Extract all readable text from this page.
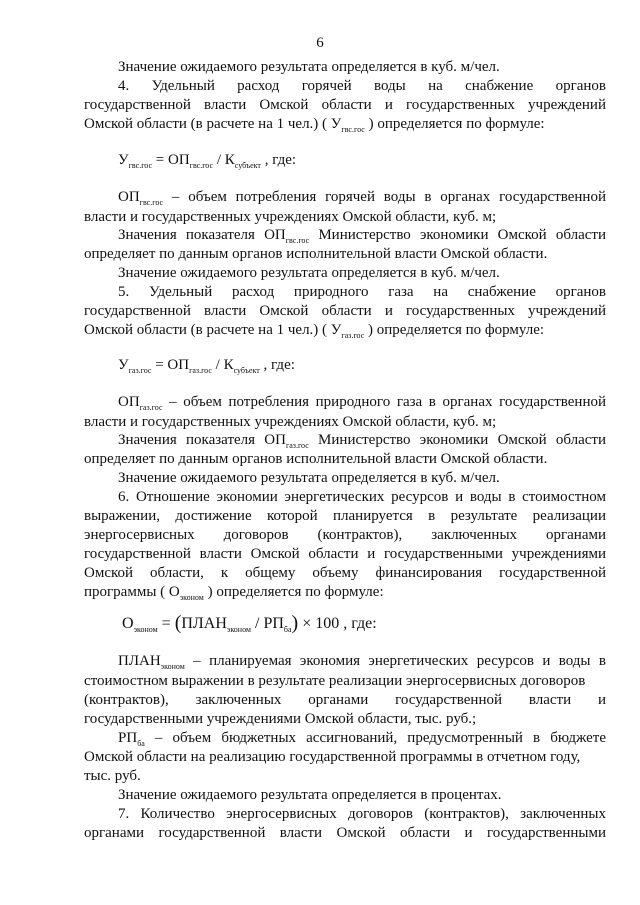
6
Значение ожидаемого результата определяется в куб. м/чел.
4. Удельный расход горячей воды на снабжение органов
государственной власти Омской области и государственных учреждений
Омской области (в расчете на 1 чел.) ( $У_{гвс.гос}$ ) определяется по формуле:
$У_{гвс.гос} = ОП_{гвс.гос} / К_{субъект}$ , где:
$ОП_{гвс.гос}$ – объем потребления горячей воды в органах государственной
власти и государственных учреждениях Омской области, куб. м;
Значения показателя $ОП_{гвс.гос}$ Министерство экономики Омской области
определяет по данным органов исполнительной власти Омской области.
Значение ожидаемого результата определяется в куб. м/чел.
5. Удельный расход природного газа на снабжение органов
государственной власти Омской области и государственных учреждений
Омской области (в расчете на 1 чел.) ( $У_{газ.гос}$ ) определяется по формуле:
$У_{газ.гос} = ОП_{газ.гос} / К_{субъект}$ , где:
$ОП_{газ.гос}$ – объем потребления природного газа в органах государственной
власти и государственных учреждениях Омской области, куб. м;
Значения показателя $ОП_{газ.гос}$ Министерство экономики Омской области
определяет по данным органов исполнительной власти Омской области.
Значение ожидаемого результата определяется в куб. м/чел.
6. Отношение экономии энергетических ресурсов и воды в стоимостном
выражении, достижение которой планируется в результате реализации
энергосервисных договоров (контрактов), заключенных органами
государственной власти Омской области и государственными учреждениями
Омской области, к общему объему финансирования государственной
программы ( $О_{эконом}$ ) определяется по формуле:
$О_{эконом}$ = $(ПЛАН_{эконом} / РП_{бa}) \times 100$ , где:
$ПЛАН_{эконом}$ – планируемая экономия энергетических ресурсов и воды в
стоимостном выражении в результате реализации энергосервисных договоров
(контрактов), заключенных органами государственной власти и
государственными учреждениями Омской области, тыс. руб.;
$РП_{бa}$ – объем бюджетных ассигнований, предусмотренный в бюджете
Омской области на реализацию государственной программы в отчетном году,
тыс. руб.
Значение ожидаемого результата определяется в процентах.
7. Количество энергосервисных договоров (контрактов), заключенных
органами государственной власти Омской области и государственными
